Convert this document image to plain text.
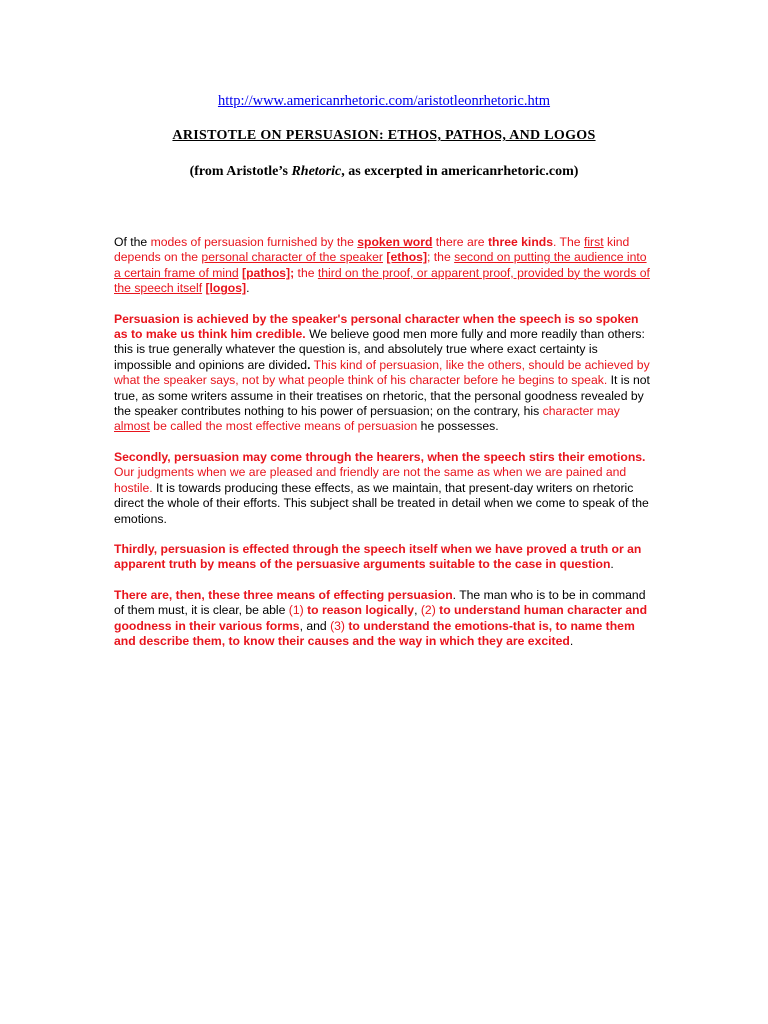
http://www.americanrhetoric.com/aristotleonrhetoric.htm
ARISTOTLE ON PERSUASION: ETHOS, PATHOS, AND LOGOS
(from Aristotle’s Rhetoric, as excerpted in americanrhetoric.com)

Of the modes of persuasion furnished by the spoken word there are three kinds. The first kind depends on the personal character of the speaker [ethos]; the second on putting the audience into a certain frame of mind [pathos]; the third on the proof, or apparent proof, provided by the words of the speech itself [logos].

Persuasion is achieved by the speaker's personal character when the speech is so spoken as to make us think him credible. We believe good men more fully and more readily than others: this is true generally whatever the question is, and absolutely true where exact certainty is impossible and opinions are divided. This kind of persuasion, like the others, should be achieved by what the speaker says, not by what people think of his character before he begins to speak. It is not true, as some writers assume in their treatises on rhetoric, that the personal goodness revealed by the speaker contributes nothing to his power of persuasion; on the contrary, his character may almost be called the most effective means of persuasion he possesses.

Secondly, persuasion may come through the hearers, when the speech stirs their emotions. Our judgments when we are pleased and friendly are not the same as when we are pained and hostile. It is towards producing these effects, as we maintain, that present-day writers on rhetoric direct the whole of their efforts. This subject shall be treated in detail when we come to speak of the emotions.

Thirdly, persuasion is effected through the speech itself when we have proved a truth or an apparent truth by means of the persuasive arguments suitable to the case in question.

There are, then, these three means of effecting persuasion. The man who is to be in command of them must, it is clear, be able (1) to reason logically, (2) to understand human character and goodness in their various forms, and (3) to understand the emotions-that is, to name them and describe them, to know their causes and the way in which they are excited.
